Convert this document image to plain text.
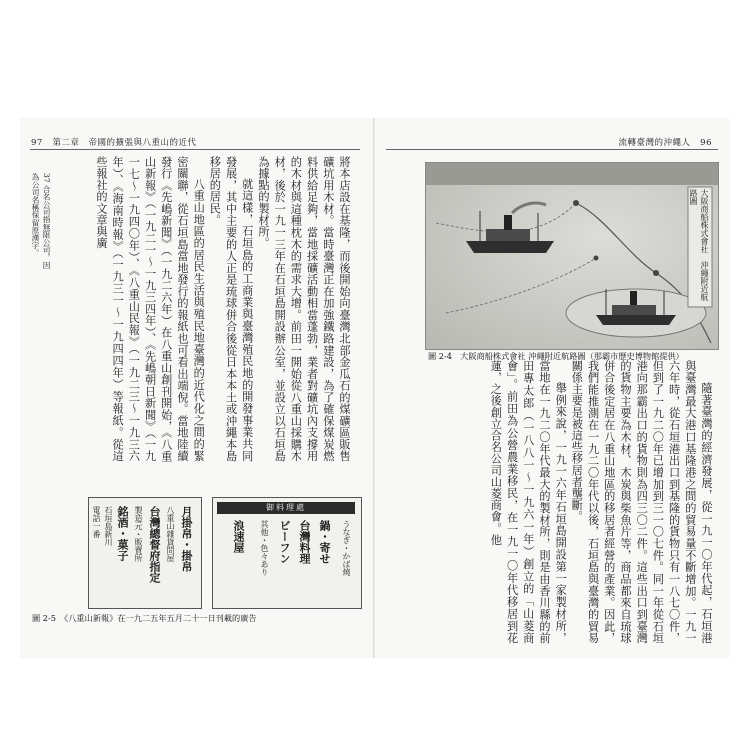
97 第二章　帝國的擴張與八重山的近代	流轉臺灣的沖繩人 96

將本店設在基隆，而後開始向臺灣北部金瓜石的煤礦區販售礦坑用木材。當時臺灣正在加強鐵路建設，為了確保煤炭燃料供給足夠，當地採礦活動相當蓬勃，業者對礦坑內支撐用的木材與這種枕木的需求大增。前田一開始從八重山採購木材，後於一九一三年在石垣島開設辦公室，並設立以石垣島為據點的製材所。

就這樣，石垣島的工商業與臺灣殖民地的開發事業共同發展，其中主要的人正是琉球併合後從日本本土或沖繩本島移居的居民。

八重山地區的居民生活與殖民地臺灣的近代化之間的緊密關聯，從石垣島當地發行的報紙也可看出端倪。當地陸續發行《先嶋新聞》（一九二六年）在八重山創刊開始，《八重山新報》（一九二一～一九三四年）、《先嶋朝日新聞》（一九一七～一九四〇年）、《八重山民報》（一九二三～一九三六年）、《海南時報》（一九三一～一九四四年）等報紙。從這些報社的文章與廣

37 合名公司指無限公司，因為公司名稱保留原漢字。
月掛帛・掛帛
八重山雜貨問屋
台灣總督府指定
製造元・販賣所
銘酒・菓子
石垣島新川
電話一番	御料理處
うなぎ・かば燒
鍋・寄せ
台灣料理
ビーフン
其他・色々あり
浪速屋
圖 2-5　《八重山新報》在一九二五年五月二十一日刊載的廣告
大阪商船株式會社　沖繩附近航路圖
圖 2-4　大阪商船株式會社 沖繩附近航路圖（那霸市歷史博物館提供）

隨著臺灣的經濟發展，從一九一〇年代起，石垣港與臺灣最大港口基隆港之間的貿易量不斷增加。一九一六年時，從石垣港出口到基隆的貨物只有一八七〇件，但到了一九二〇年已增加到三一〇七件。同一年從石垣港向那霸出口的貨物則為四三〇二件。這些出口到臺灣的貨物主要為木材、木炭與柴魚片等，商品都來自琉球併合後定居在八重山地區的移居者經營的產業。因此，我們能推測在一九二〇年代以後，石垣島與臺灣的貿易關係主要是被這些移居者壟斷。

舉例來說，一九一六年石垣島開設第一家製材所，當地在一九二〇年代最大的製材所，則是由香川縣的前田專太郎（一八八一～一九六一年）創立的「山菱商會」。前田為公營農業移民，在一九一〇年代移居到花蓮，之後創立合名公司山菱商會。他
